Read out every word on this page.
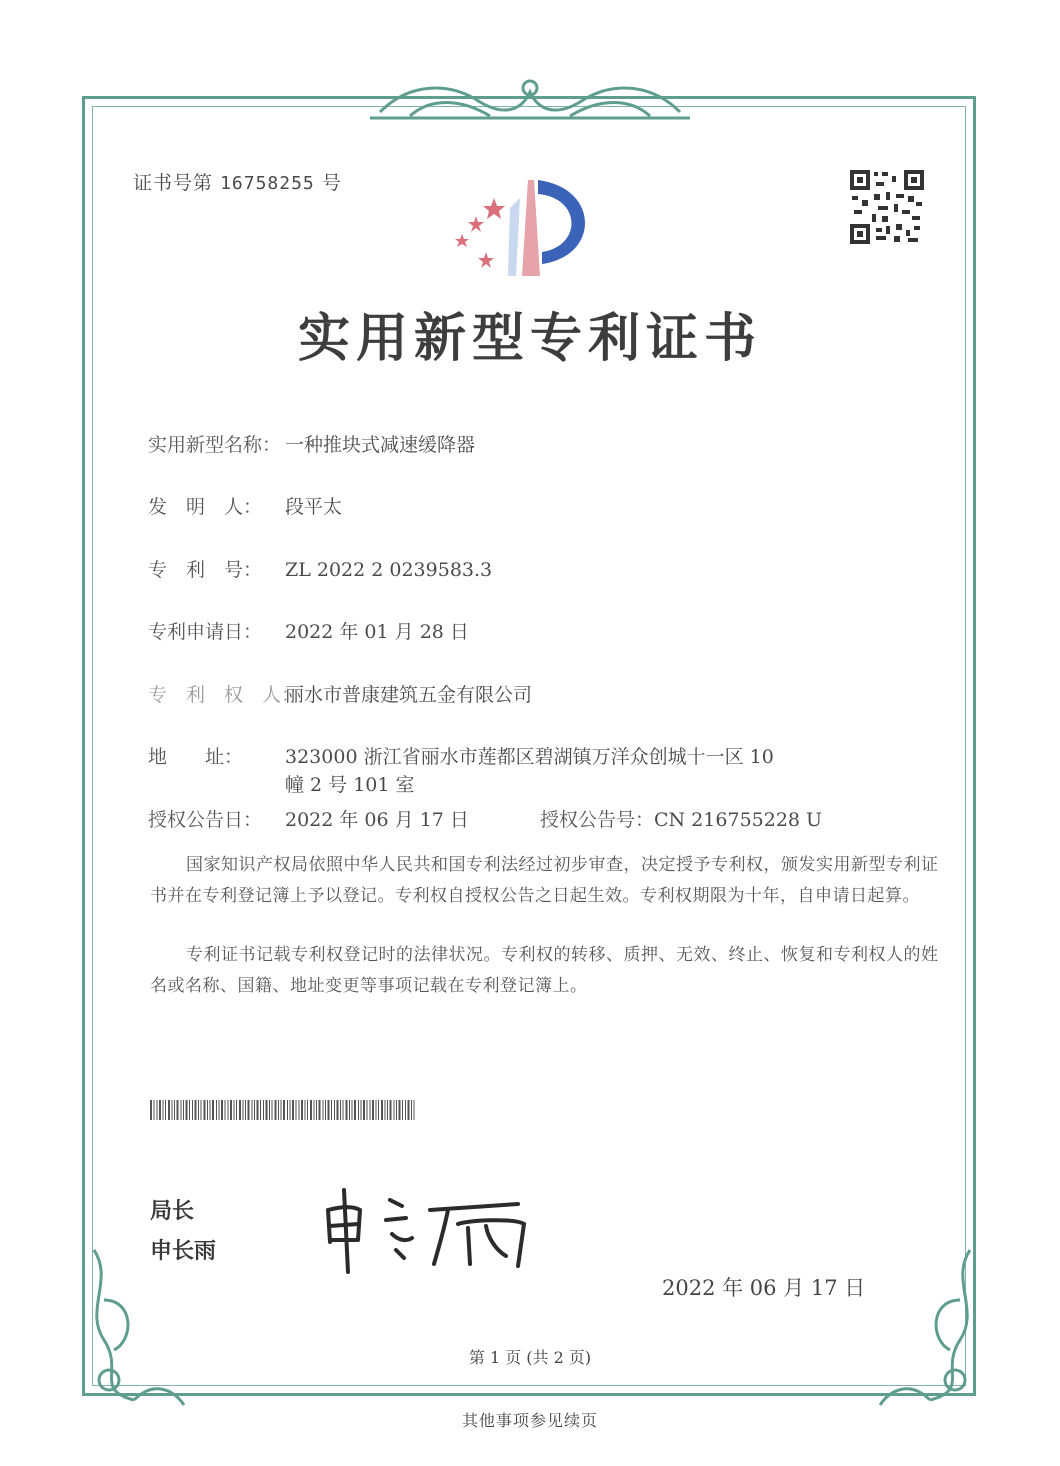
证书号第 16758255 号
实用新型专利证书
实用新型名称： 一种推块式减速缓降器
发　明　人： 段平太
专　利　号： ZL 2022 2 0239583.3
专利申请日： 2022 年 01 月 28 日
专　利　权　人：丽水市普康建筑五金有限公司
地　　址： 323000 浙江省丽水市莲都区碧湖镇万洋众创城十一区 10
幢 2 号 101 室
授权公告日： 2022 年 06 月 17 日	授权公告号：CN 216755228 U
国家知识产权局依照中华人民共和国专利法经过初步审查，决定授予专利权，颁发实用新型专利证书并在专利登记簿上予以登记。专利权自授权公告之日起生效。专利权期限为十年，自申请日起算。
专利证书记载专利权登记时的法律状况。专利权的转移、质押、无效、终止、恢复和专利权人的姓名或名称、国籍、地址变更等事项记载在专利登记簿上。
局长
申长雨
2022 年 06 月 17 日
第 1 页 (共 2 页)
其他事项参见续页
